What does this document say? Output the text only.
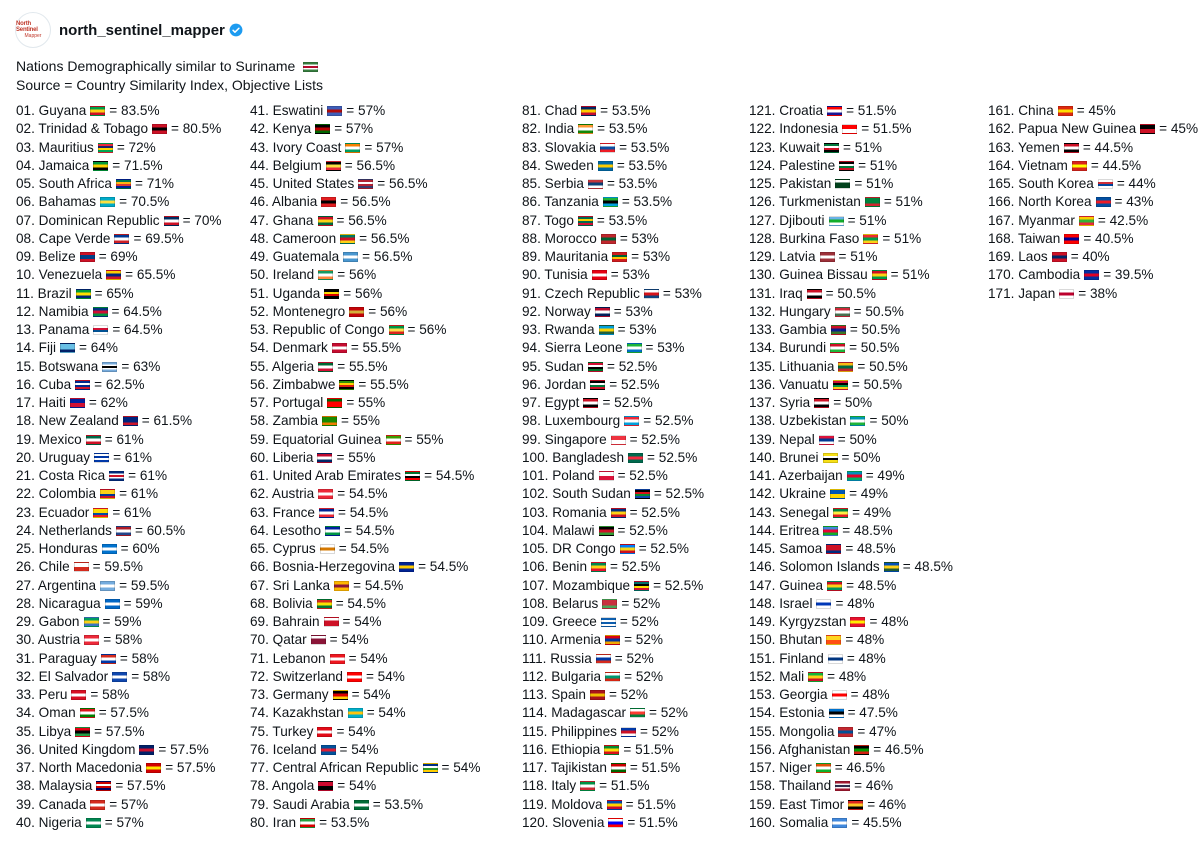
North Sentinel
Mapper north_sentinel_mapper
Nations Demographically similar to Suriname
Source = Country Similarity Index, Objective Lists
01. Guyana = 83.5%
02. Trinidad & Tobago = 80.5%
03. Mauritius = 72%
04. Jamaica = 71.5%
05. South Africa = 71%
06. Bahamas = 70.5%
07. Dominican Republic = 70%
08. Cape Verde = 69.5%
09. Belize = 69%
10. Venezuela = 65.5%
11. Brazil = 65%
12. Namibia = 64.5%
13. Panama = 64.5%
14. Fiji = 64%
15. Botswana = 63%
16. Cuba = 62.5%
17. Haiti = 62%
18. New Zealand = 61.5%
19. Mexico = 61%
20. Uruguay = 61%
21. Costa Rica = 61%
22. Colombia = 61%
23. Ecuador = 61%
24. Netherlands = 60.5%
25. Honduras = 60%
26. Chile = 59.5%
27. Argentina = 59.5%
28. Nicaragua = 59%
29. Gabon = 59%
30. Austria = 58%
31. Paraguay = 58%
32. El Salvador = 58%
33. Peru = 58%
34. Oman = 57.5%
35. Libya = 57.5%
36. United Kingdom = 57.5%
37. North Macedonia = 57.5%
38. Malaysia = 57.5%
39. Canada = 57%
40. Nigeria = 57%
41. Eswatini = 57%
42. Kenya = 57%
43. Ivory Coast = 57%
44. Belgium = 56.5%
45. United States = 56.5%
46. Albania = 56.5%
47. Ghana = 56.5%
48. Cameroon = 56.5%
49. Guatemala = 56.5%
50. Ireland = 56%
51. Uganda = 56%
52. Montenegro = 56%
53. Republic of Congo = 56%
54. Denmark = 55.5%
55. Algeria = 55.5%
56. Zimbabwe = 55.5%
57. Portugal = 55%
58. Zambia = 55%
59. Equatorial Guinea = 55%
60. Liberia = 55%
61. United Arab Emirates = 54.5%
62. Austria = 54.5%
63. France = 54.5%
64. Lesotho = 54.5%
65. Cyprus = 54.5%
66. Bosnia-Herzegovina = 54.5%
67. Sri Lanka = 54.5%
68. Bolivia = 54.5%
69. Bahrain = 54%
70. Qatar = 54%
71. Lebanon = 54%
72. Switzerland = 54%
73. Germany = 54%
74. Kazakhstan = 54%
75. Turkey = 54%
76. Iceland = 54%
77. Central African Republic = 54%
78. Angola = 54%
79. Saudi Arabia = 53.5%
80. Iran = 53.5%
81. Chad = 53.5%
82. India = 53.5%
83. Slovakia = 53.5%
84. Sweden = 53.5%
85. Serbia = 53.5%
86. Tanzania = 53.5%
87. Togo = 53.5%
88. Morocco = 53%
89. Mauritania = 53%
90. Tunisia = 53%
91. Czech Republic = 53%
92. Norway = 53%
93. Rwanda = 53%
94. Sierra Leone = 53%
95. Sudan = 52.5%
96. Jordan = 52.5%
97. Egypt = 52.5%
98. Luxembourg = 52.5%
99. Singapore = 52.5%
100. Bangladesh = 52.5%
101. Poland = 52.5%
102. South Sudan = 52.5%
103. Romania = 52.5%
104. Malawi = 52.5%
105. DR Congo = 52.5%
106. Benin = 52.5%
107. Mozambique = 52.5%
108. Belarus = 52%
109. Greece = 52%
110. Armenia = 52%
111. Russia = 52%
112. Bulgaria = 52%
113. Spain = 52%
114. Madagascar = 52%
115. Philippines = 52%
116. Ethiopia = 51.5%
117. Tajikistan = 51.5%
118. Italy = 51.5%
119. Moldova = 51.5%
120. Slovenia = 51.5%
121. Croatia = 51.5%
122. Indonesia = 51.5%
123. Kuwait = 51%
124. Palestine = 51%
125. Pakistan = 51%
126. Turkmenistan = 51%
127. Djibouti = 51%
128. Burkina Faso = 51%
129. Latvia = 51%
130. Guinea Bissau = 51%
131. Iraq = 50.5%
132. Hungary = 50.5%
133. Gambia = 50.5%
134. Burundi = 50.5%
135. Lithuania = 50.5%
136. Vanuatu = 50.5%
137. Syria = 50%
138. Uzbekistan = 50%
139. Nepal = 50%
140. Brunei = 50%
141. Azerbaijan = 49%
142. Ukraine = 49%
143. Senegal = 49%
144. Eritrea = 48.5%
145. Samoa = 48.5%
146. Solomon Islands = 48.5%
147. Guinea = 48.5%
148. Israel = 48%
149. Kyrgyzstan = 48%
150. Bhutan = 48%
151. Finland = 48%
152. Mali = 48%
153. Georgia = 48%
154. Estonia = 47.5%
155. Mongolia = 47%
156. Afghanistan = 46.5%
157. Niger = 46.5%
158. Thailand = 46%
159. East Timor = 46%
160. Somalia = 45.5%
161. China = 45%
162. Papua New Guinea = 45%
163. Yemen = 44.5%
164. Vietnam = 44.5%
165. South Korea = 44%
166. North Korea = 43%
167. Myanmar = 42.5%
168. Taiwan = 40.5%
169. Laos = 40%
170. Cambodia = 39.5%
171. Japan = 38%
